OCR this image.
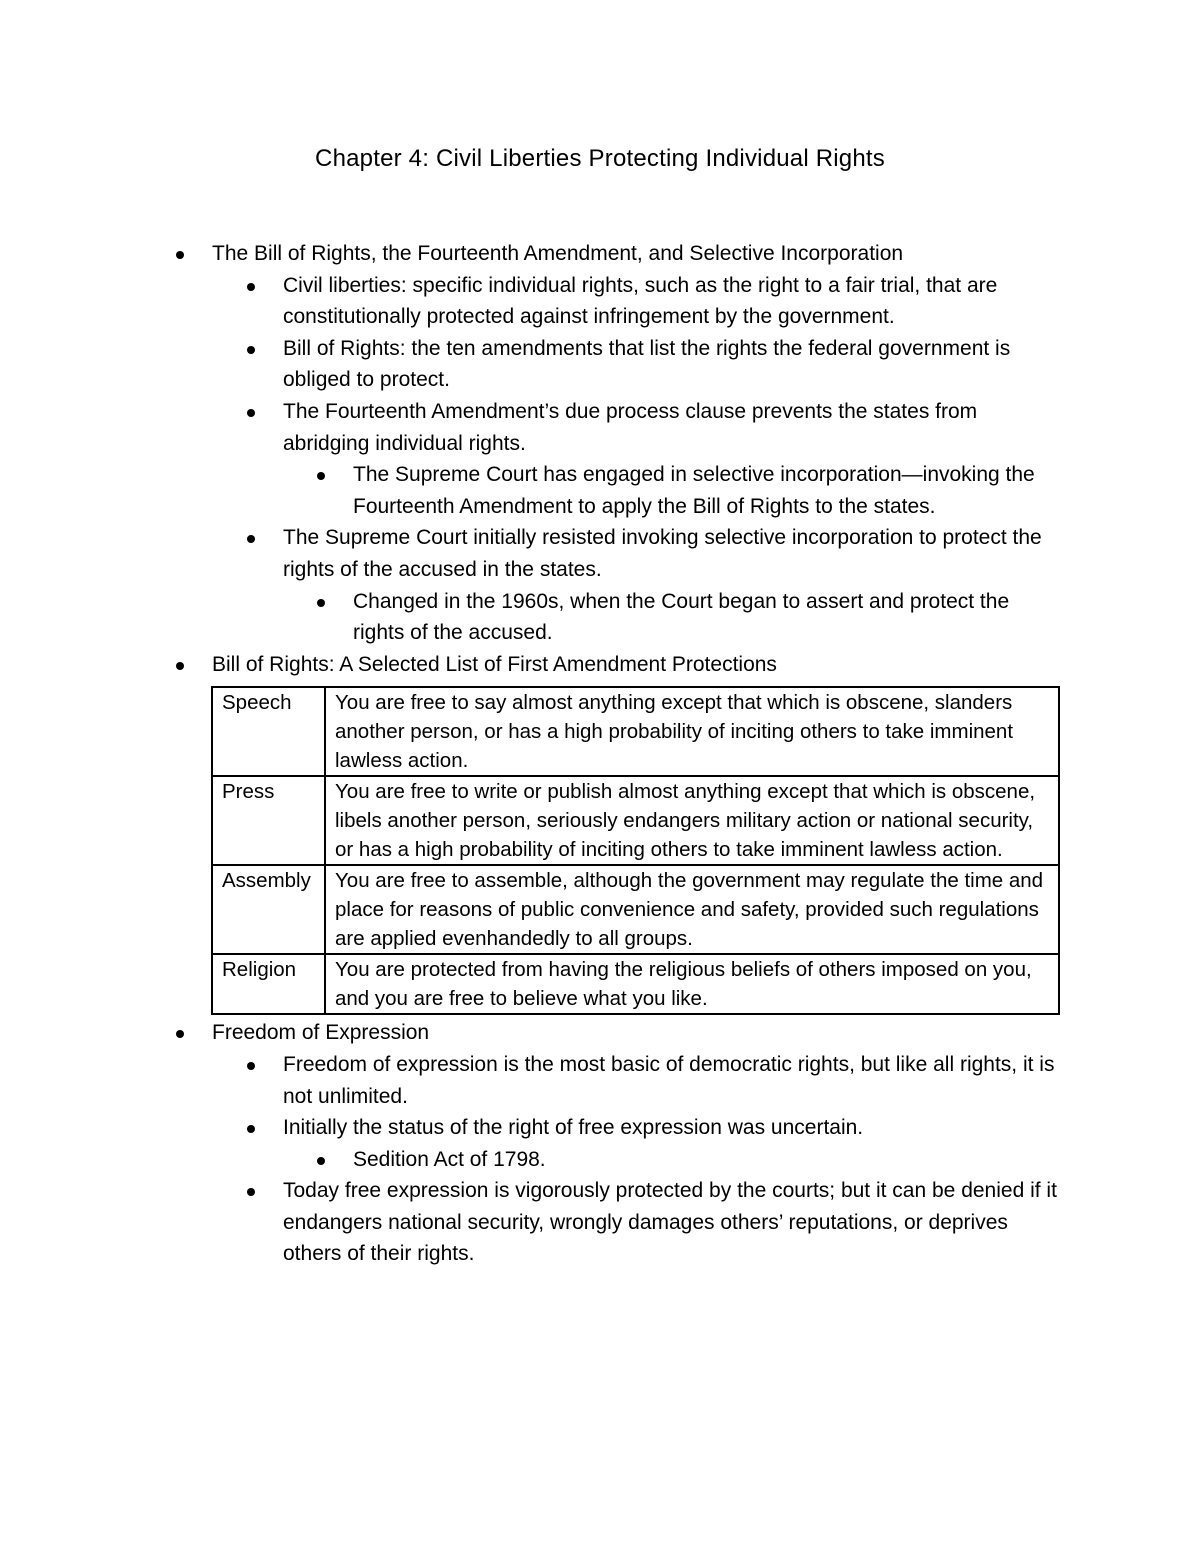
Chapter 4: Civil Liberties Protecting Individual Rights
The Bill of Rights, the Fourteenth Amendment, and Selective Incorporation
Civil liberties: specific individual rights, such as the right to a fair trial, that are constitutionally protected against infringement by the government.
Bill of Rights: the ten amendments that list the rights the federal government is obliged to protect.
The Fourteenth Amendment’s due process clause prevents the states from abridging individual rights.
The Supreme Court has engaged in selective incorporation—invoking the Fourteenth Amendment to apply the Bill of Rights to the states.
The Supreme Court initially resisted invoking selective incorporation to protect the rights of the accused in the states.
Changed in the 1960s, when the Court began to assert and protect the rights of the accused.
Bill of Rights: A Selected List of First Amendment Protections
Speech	You are free to say almost anything except that which is obscene, slanders another person, or has a high probability of inciting others to take imminent lawless action.
Press	You are free to write or publish almost anything except that which is obscene, libels another person, seriously endangers military action or national security, or has a high probability of inciting others to take imminent lawless action.
Assembly	You are free to assemble, although the government may regulate the time and place for reasons of public convenience and safety, provided such regulations are applied evenhandedly to all groups.
Religion	You are protected from having the religious beliefs of others imposed on you, and you are free to believe what you like.
Freedom of Expression
Freedom of expression is the most basic of democratic rights, but like all rights, it is not unlimited.
Initially the status of the right of free expression was uncertain.
Sedition Act of 1798.
Today free expression is vigorously protected by the courts; but it can be denied if it endangers national security, wrongly damages others’ reputations, or deprives others of their rights.
